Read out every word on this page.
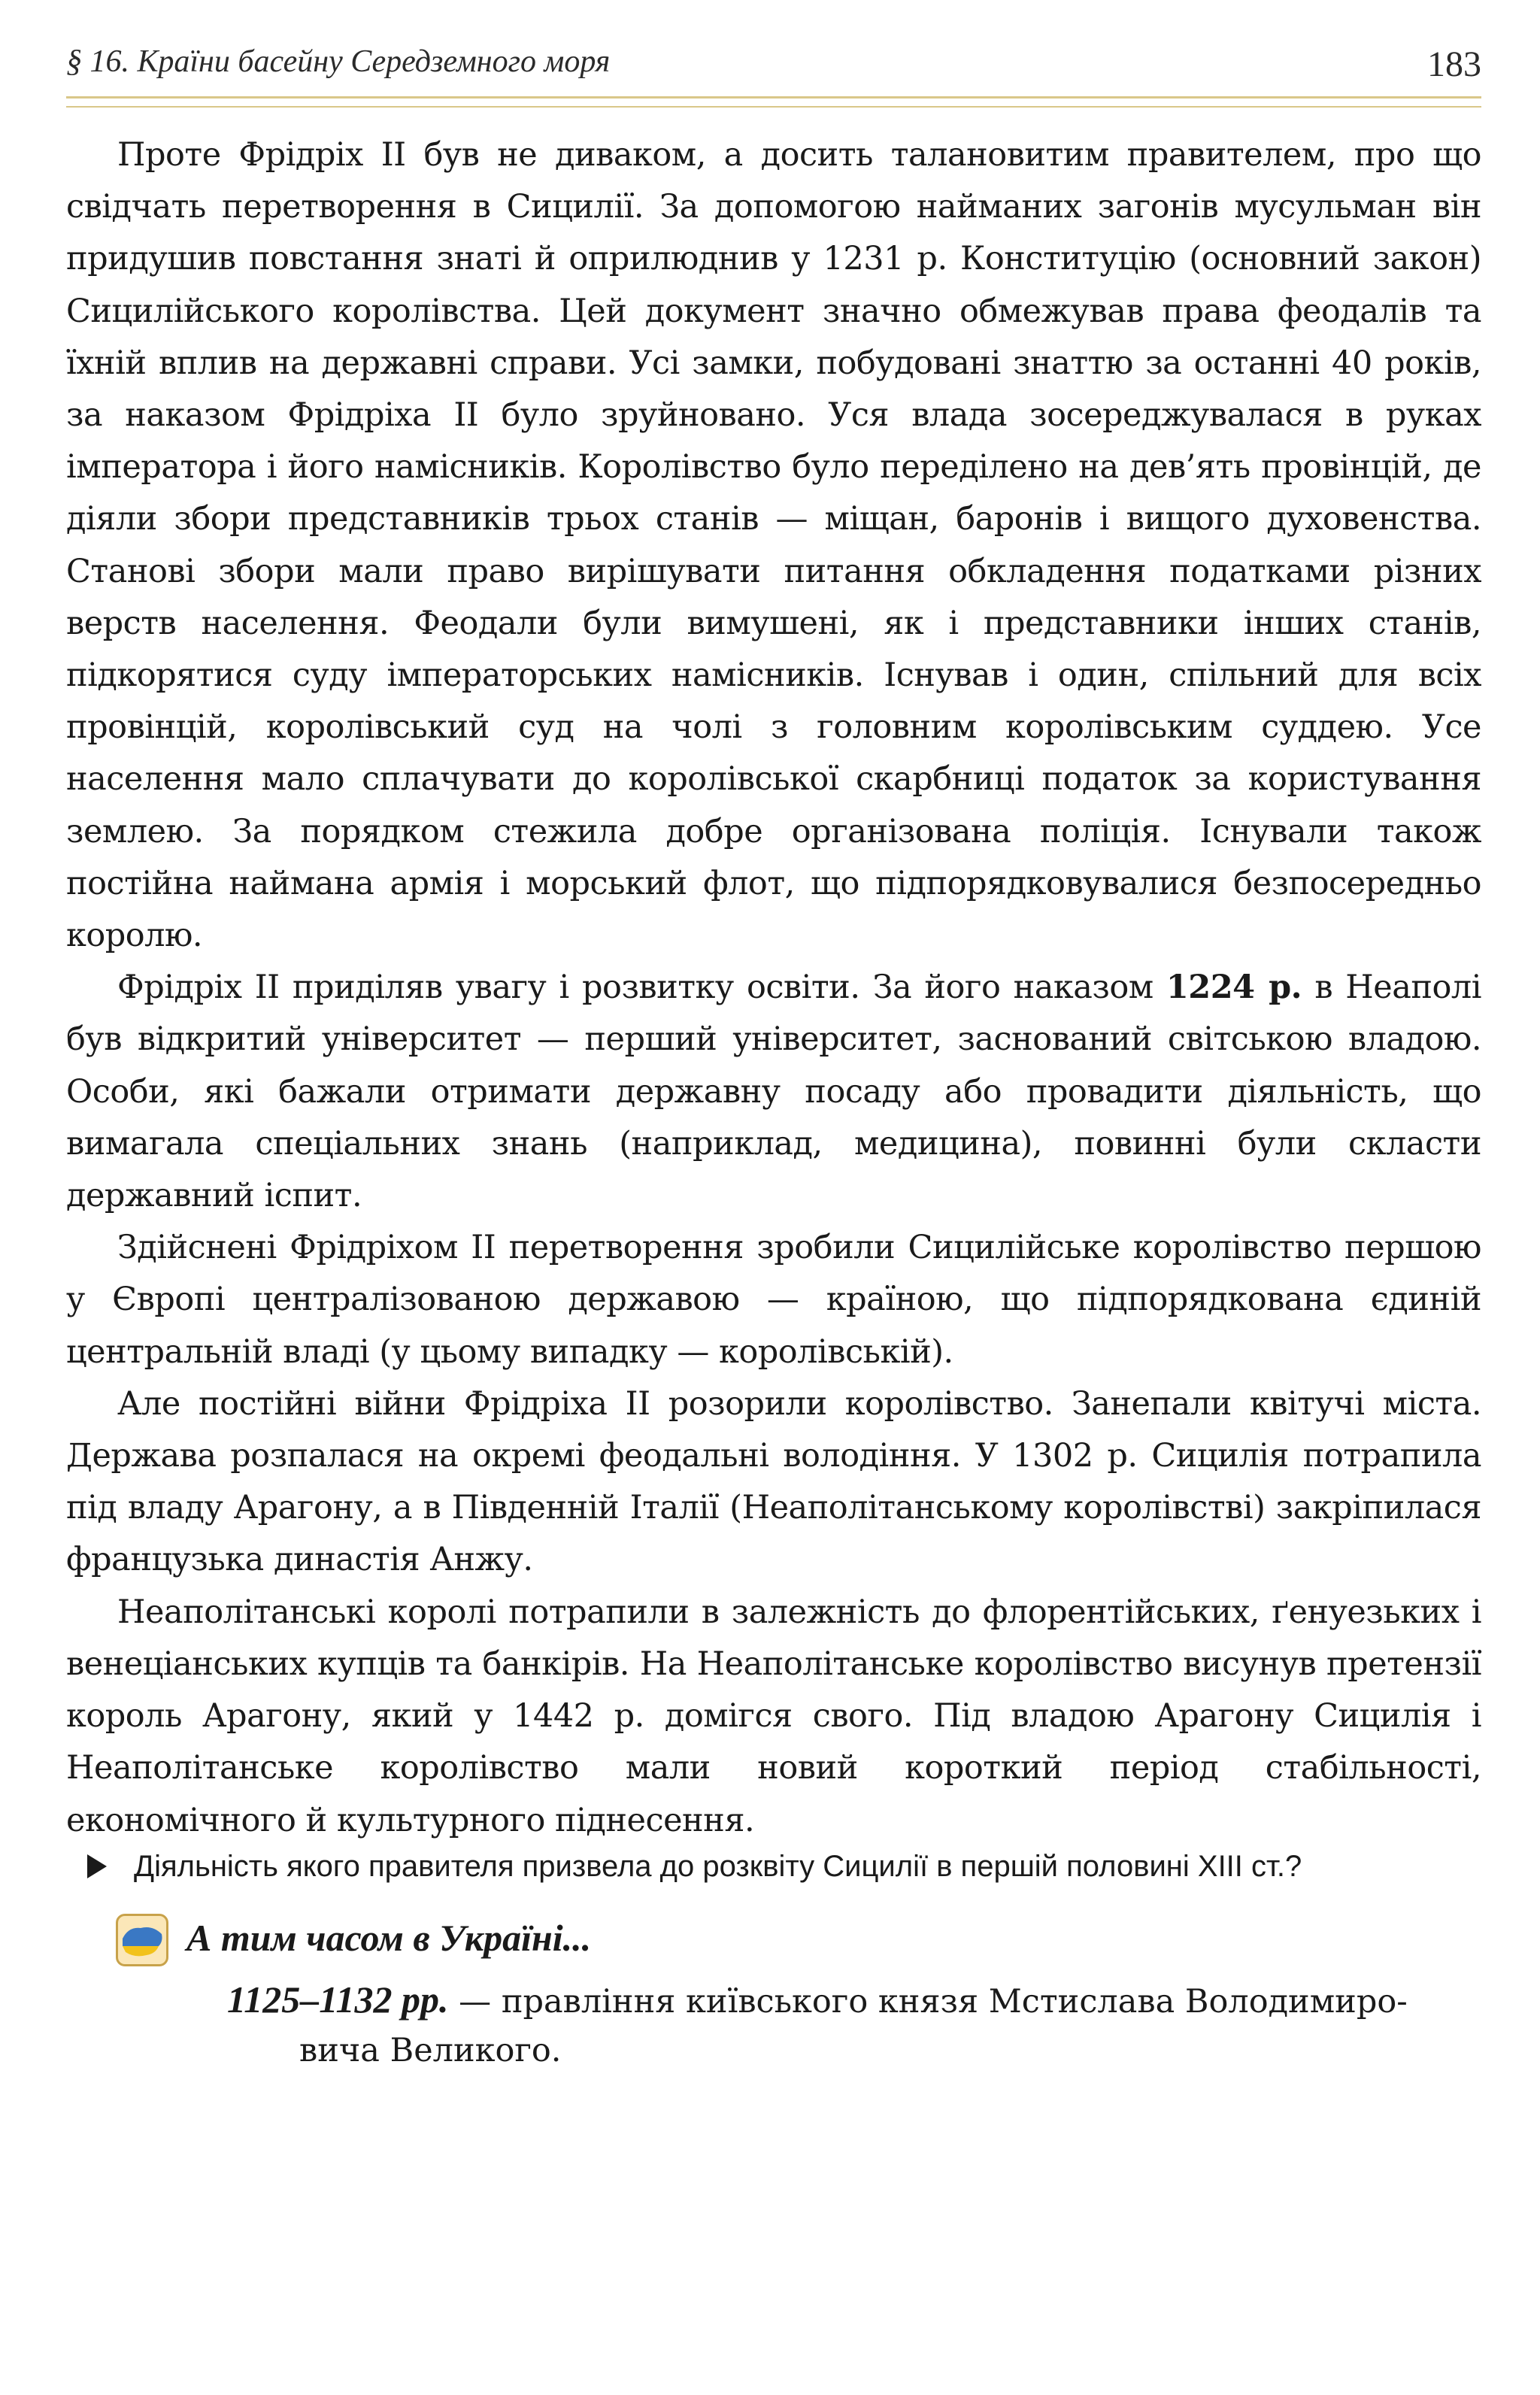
§ 16. Країни басейну Середземного моря	183

Проте Фрідріх II був не диваком, а досить талановитим правителем, про що свідчать перетворення в Сицилії. За допомогою найманих загонів мусульман він придушив повстання знаті й оприлюднив у 1231 р. Конституцію (основний закон) Сицилійського королівства. Цей документ значно обмежував права феодалів та їхній вплив на державні справи. Усі замки, побудовані знаттю за останні 40 років, за наказом Фрідріха II було зруйновано. Уся влада зосереджувалася в руках імператора і його намісників. Королівство було переділено на дев’ять провінцій, де діяли збори представників трьох станів — міщан, баронів і вищого духовенства. Станові збори мали право вирішувати питання обкладення податками різних верств населення. Феодали були вимушені, як і представники інших станів, підкорятися суду імператорських намісників. Існував і один, спільний для всіх провінцій, королівський суд на чолі з головним королівським суддею. Усе населення мало сплачувати до королівської скарбниці податок за користування землею. За порядком стежила добре організована поліція. Існували також постійна наймана армія і морський флот, що підпорядковувалися безпосередньо королю.

Фрідріх II приділяв увагу і розвитку освіти. За його наказом 1224 р. в Неаполі був відкритий університет — перший університет, заснований світською владою. Особи, які бажали отримати державну посаду або провадити діяльність, що вимагала спеціальних знань (наприклад, медицина), повинні були скласти державний іспит.

Здійснені Фрідріхом II перетворення зробили Сицилійське королівство першою у Європі централізованою державою — країною, що підпорядкована єдиній центральній владі (у цьому випадку — королівській).

Але постійні війни Фрідріха II розорили королівство. Занепали квітучі міста. Держава розпалася на окремі феодальні володіння. У 1302 р. Сицилія потрапила під владу Арагону, а в Південній Італії (Неаполітанському королівстві) закріпилася французька династія Анжу.

Неаполітанські королі потрапили в залежність до флорентійських, ґенуезьких і венеціанських купців та банкірів. На Неаполітанське королівство висунув претензії король Арагону, який у 1442 р. домігся свого. Під владою Арагону Сицилія і Неаполітанське королівство мали новий короткий період стабільності, економічного й культурного піднесення.

Діяльність якого правителя призвела до розквіту Сицилії в першій половині XIII ст.?
А тим часом в Україні...
1125–1132 рр. — правління київського князя Мстислава Володимиро-
вича Великого.
